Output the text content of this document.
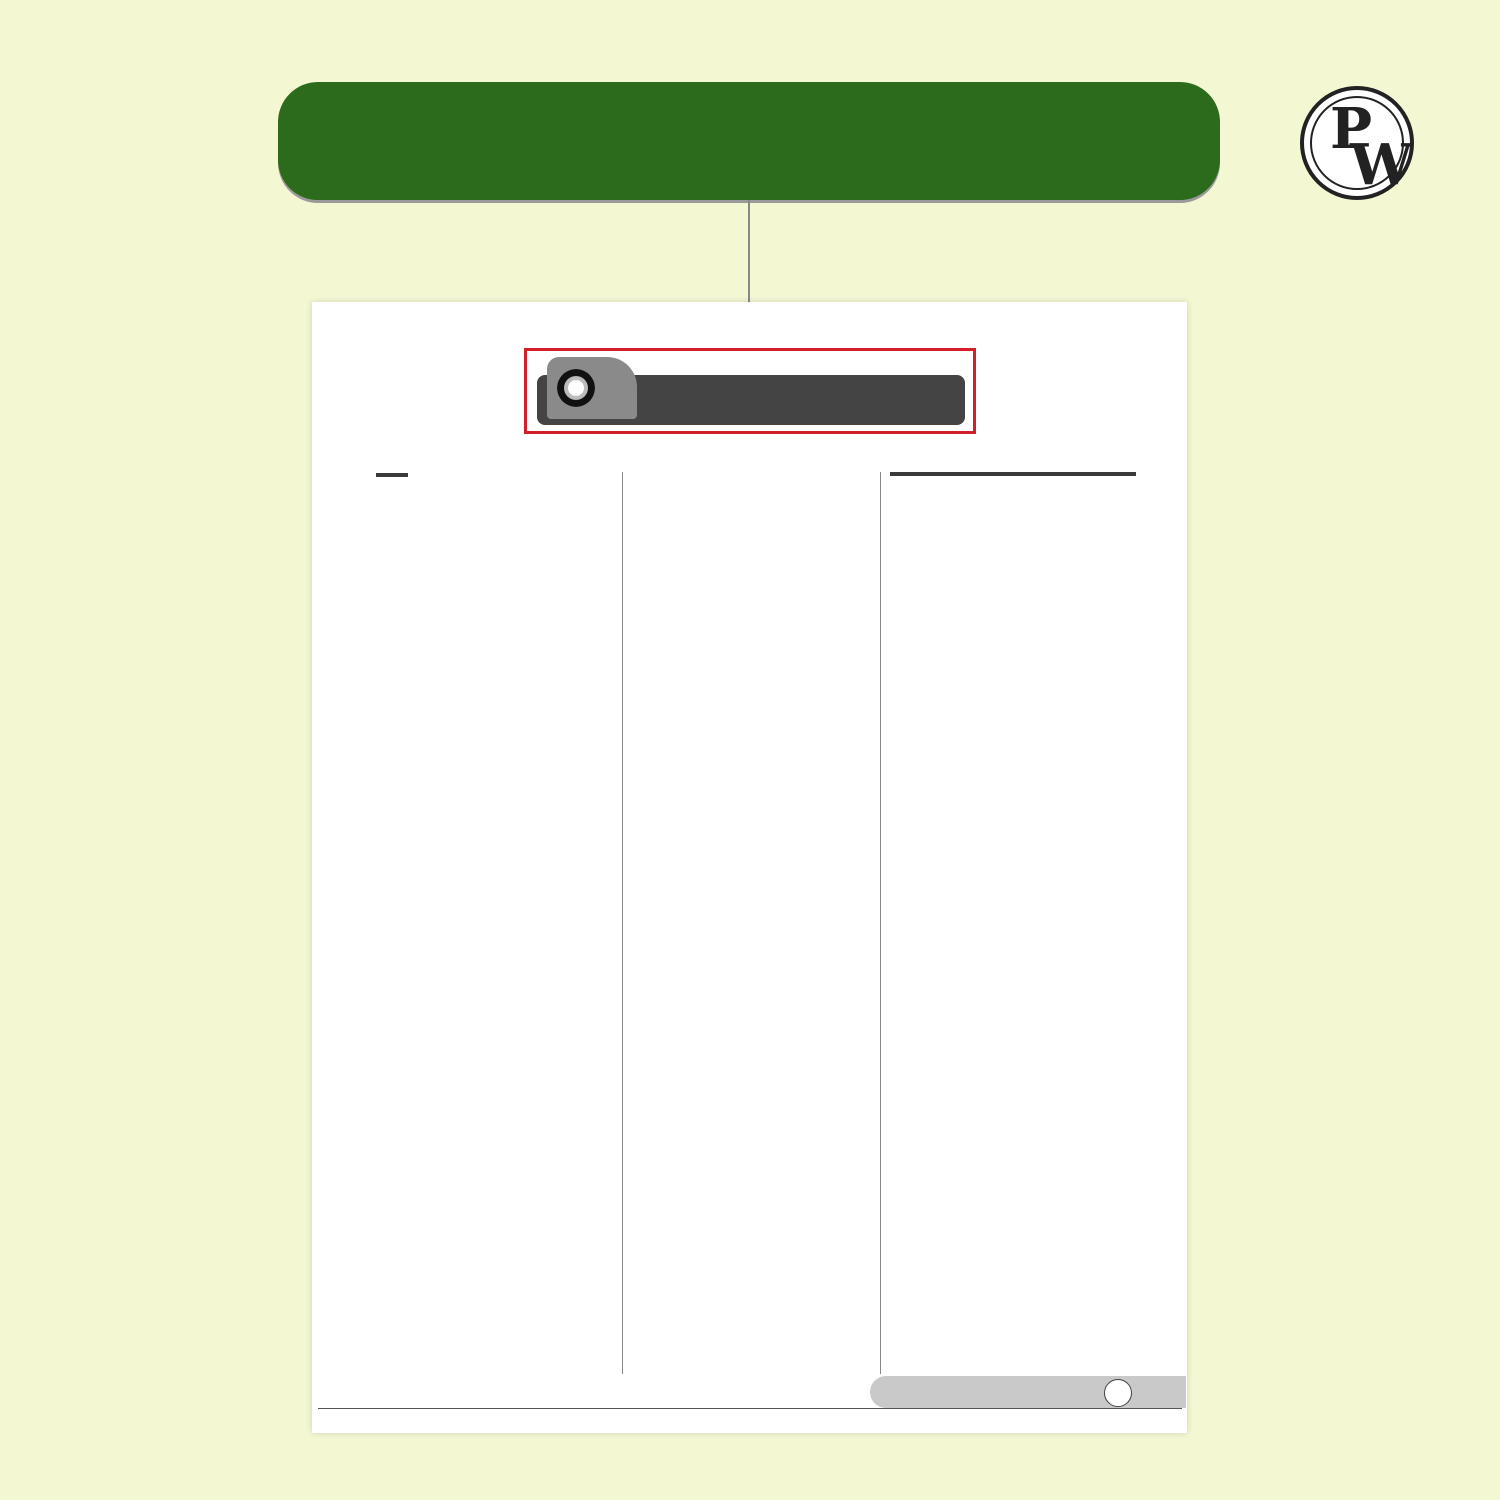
P
W
